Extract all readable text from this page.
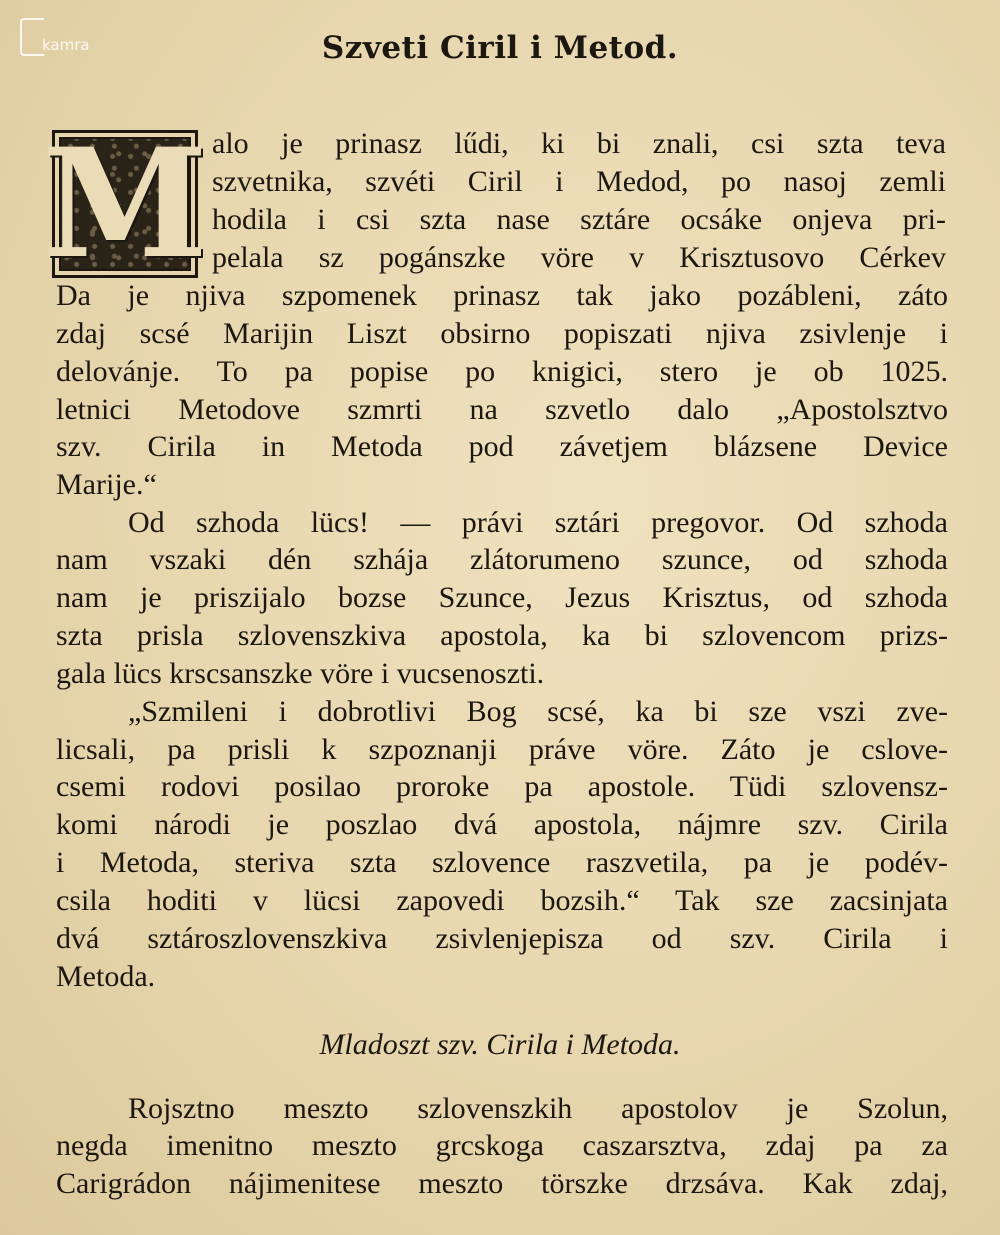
kamra	Szveti Ciril i Metod.
M alo je prinasz lűdi, ki bi znali, csi szta teva
szvetnika, szvéti Ciril i Medod, po nasoj zemli
hodila i csi szta nase sztáre ocsáke onjeva pri-
pelala sz pogánszke vöre v Krisztusovo Cérkev
Da je njiva szpomenek prinasz tak jako pozábleni, záto
zdaj scsé Marijin Liszt obsirno popiszati njiva zsivlenje i
delovánje. To pa popise po knigici, stero je ob 1025.
letnici Metodove szmrti na szvetlo dalo „Apostolsztvo
szv. Cirila in Metoda pod závetjem blázsene Device
Marije.“
Od szhoda lücs! — právi sztári pregovor. Od szhoda
nam vszaki dén szhája zlátorumeno szunce, od szhoda
nam je priszijalo bozse Szunce, Jezus Krisztus, od szhoda
szta prisla szlovenszkiva apostola, ka bi szlovencom prizs-
gala lücs krscsanszke vöre i vucsenoszti.
„Szmileni i dobrotlivi Bog scsé, ka bi sze vszi zve-
licsali, pa prisli k szpoznanji práve vöre. Záto je cslove-
csemi rodovi posilao proroke pa apostole. Tüdi szlovensz-
komi národi je poszlao dvá apostola, nájmre szv. Cirila
i Metoda, steriva szta szlovence raszvetila, pa je podév-
csila hoditi v lücsi zapovedi bozsih.“ Tak sze zacsinjata
dvá sztároszlovenszkiva zsivlenjepisza od szv. Cirila i
Metoda.
Mladoszt szv. Cirila i Metoda.
Rojsztno meszto szlovenszkih apostolov je Szolun,
negda imenitno meszto grcskoga caszarsztva, zdaj pa za
Carigrádon nájimenitese meszto törszke drzsáva. Kak zdaj,
